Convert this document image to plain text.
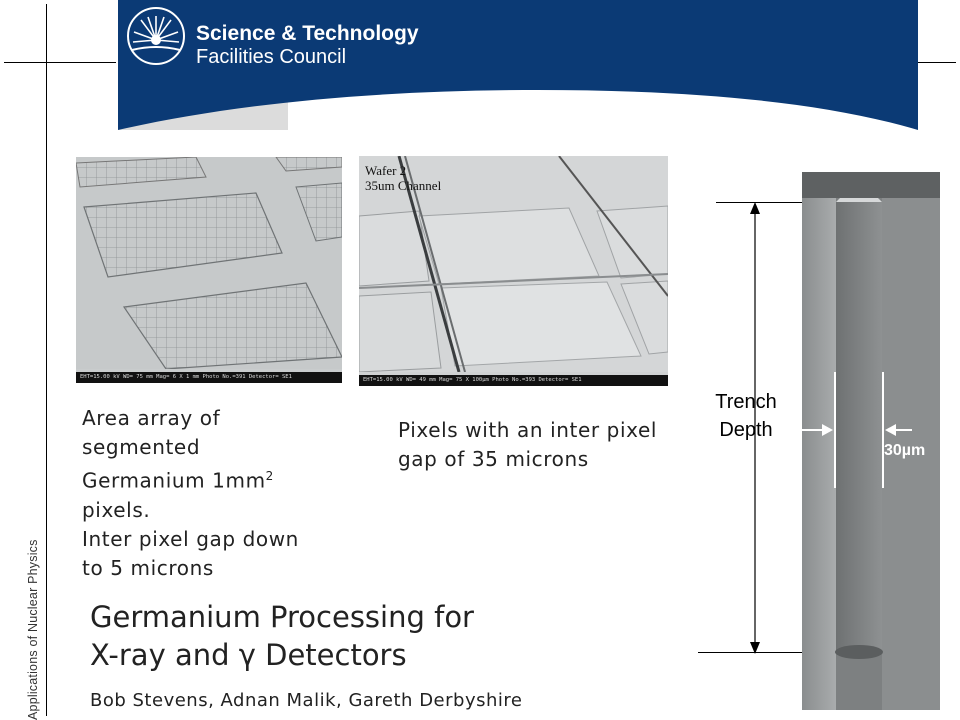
Science & Technology
Facilities Council
Applications of Nuclear Physics
EHT=15.00 kV WD= 75 mm Mag= 6 X 1 mm Photo No.=391 Detector= SE1
Wafer 2
35um Channel
EHT=15.00 kV WD= 49 mm Mag= 75 X 100µm Photo No.=393 Detector= SE1
Trench
Depth
30µm
Area array of
segmented
Germanium $1mm^2$
pixels.
Inter pixel gap down
to 5 microns
Pixels with an inter pixel
gap of 35 microns
Germanium Processing for
X-ray and γ Detectors
Bob Stevens, Adnan Malik, Gareth Derbyshire
